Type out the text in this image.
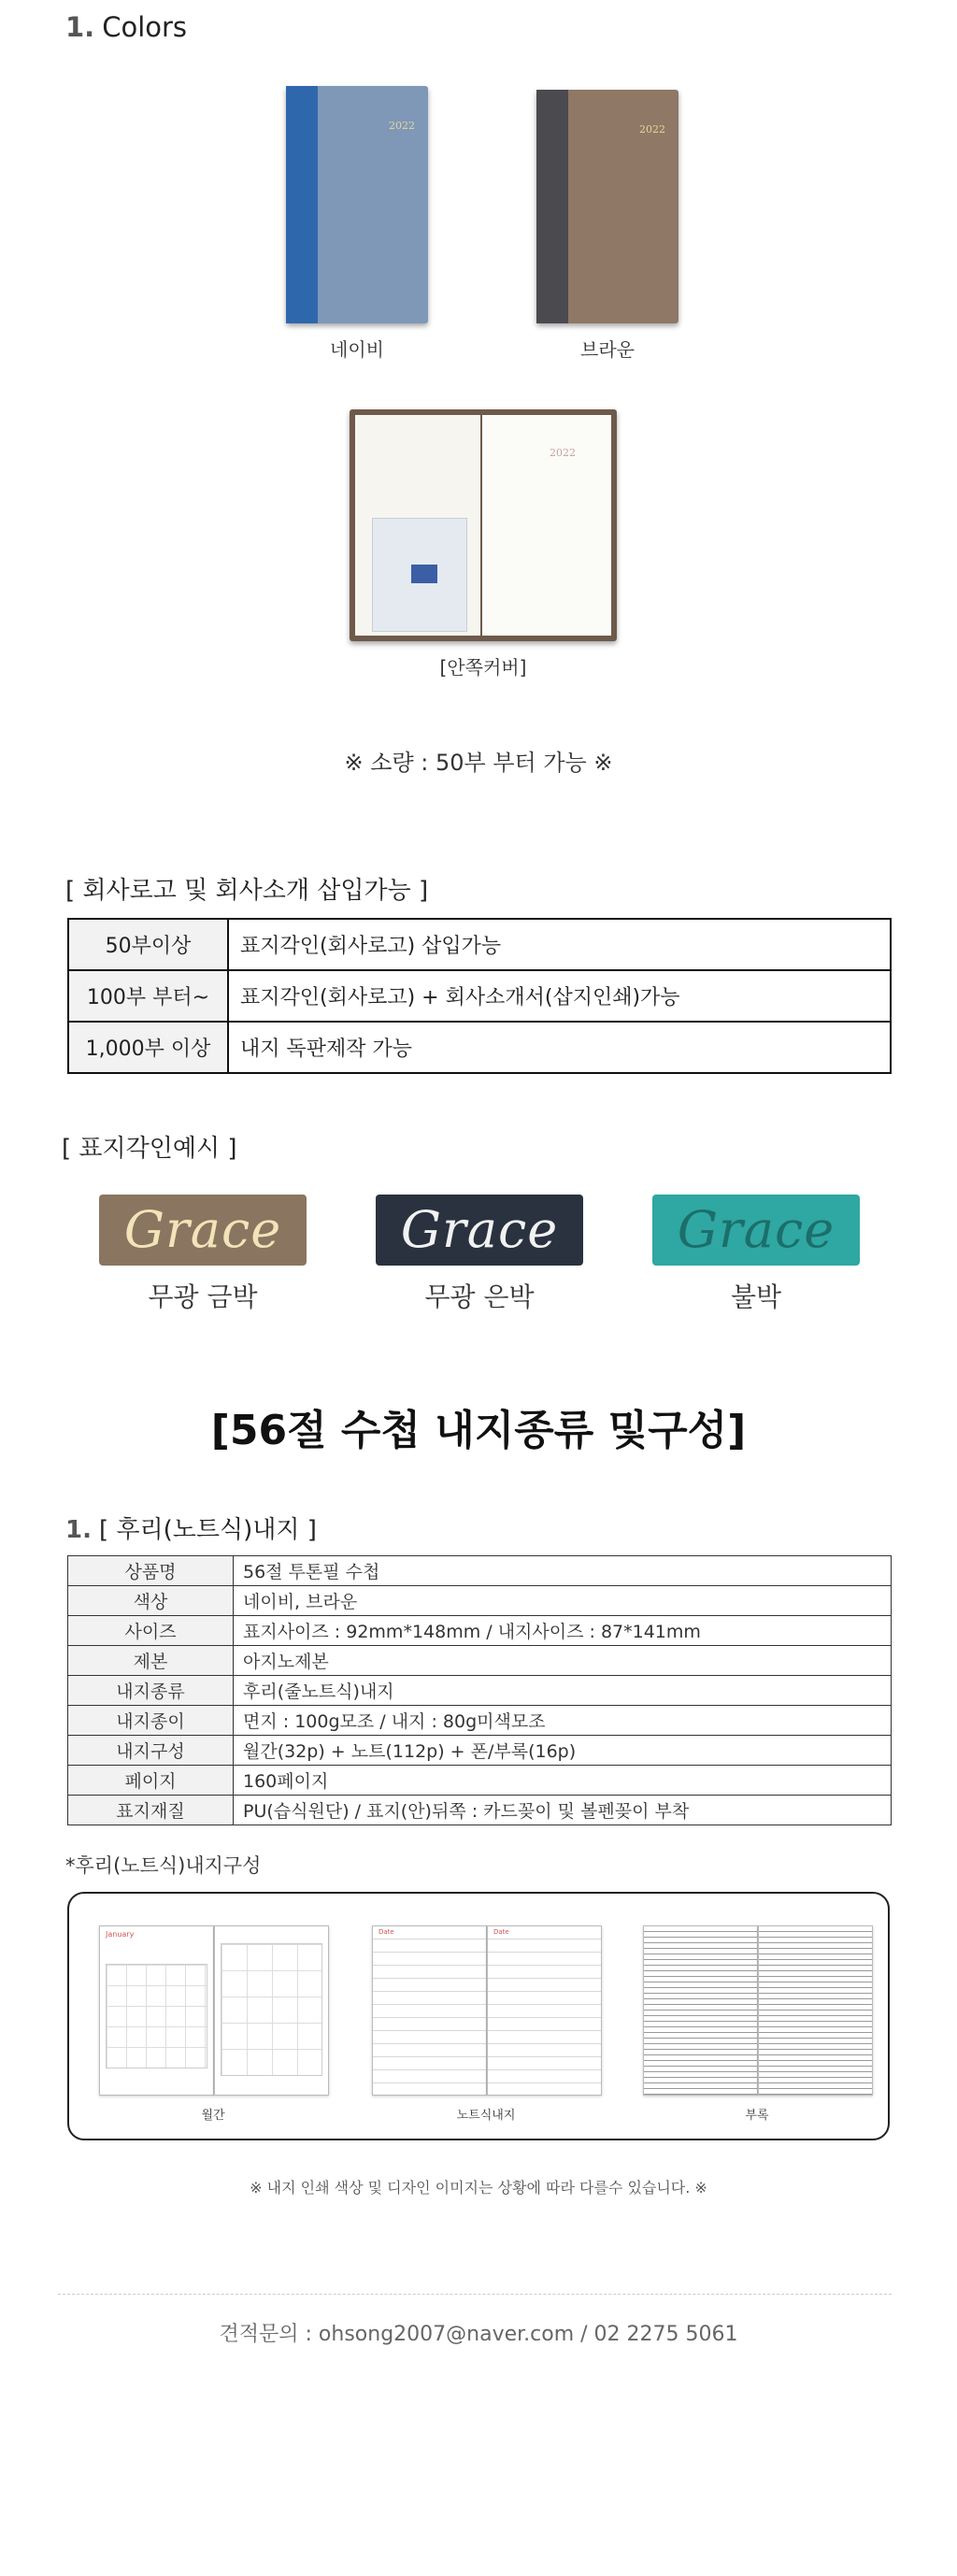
1. Colors
2022
네이비
2022
브라운
2022
[안쪽커버]
※ 소량 : 50부 부터 가능 ※
[ 회사로고 및 회사소개 삽입가능 ]
50부이상	표지각인(회사로고) 삽입가능
100부 부터~	표지각인(회사로고) + 회사소개서(삽지인쇄)가능
1,000부 이상	내지 독판제작 가능
[ 표지각인예시 ]
Grace
무광 금박
Grace
무광 은박
Grace
불박
[56절 수첩 내지종류 및구성]
1. [ 후리(노트식)내지 ]
상품명	56절 투톤필 수첩
색상	네이비, 브라운
사이즈	표지사이즈 : 92mm*148mm / 내지사이즈 : 87*141mm
제본	아지노제본
내지종류	후리(줄노트식)내지
내지종이	면지 : 100g모조 / 내지 : 80g미색모조
내지구성	월간(32p) + 노트(112p) + 폰/부록(16p)
페이지	160페이지
표지재질	PU(습식원단) / 표지(안)뒤쪽 : 카드꽂이 및 볼펜꽂이 부착
*후리(노트식)내지구성
January
월간
Date	Date
노트식내지	부록
※ 내지 인쇄 색상 및 디자인 이미지는 상황에 따라 다를수 있습니다. ※
견적문의 : ohsong2007@naver.com / 02 2275 5061
